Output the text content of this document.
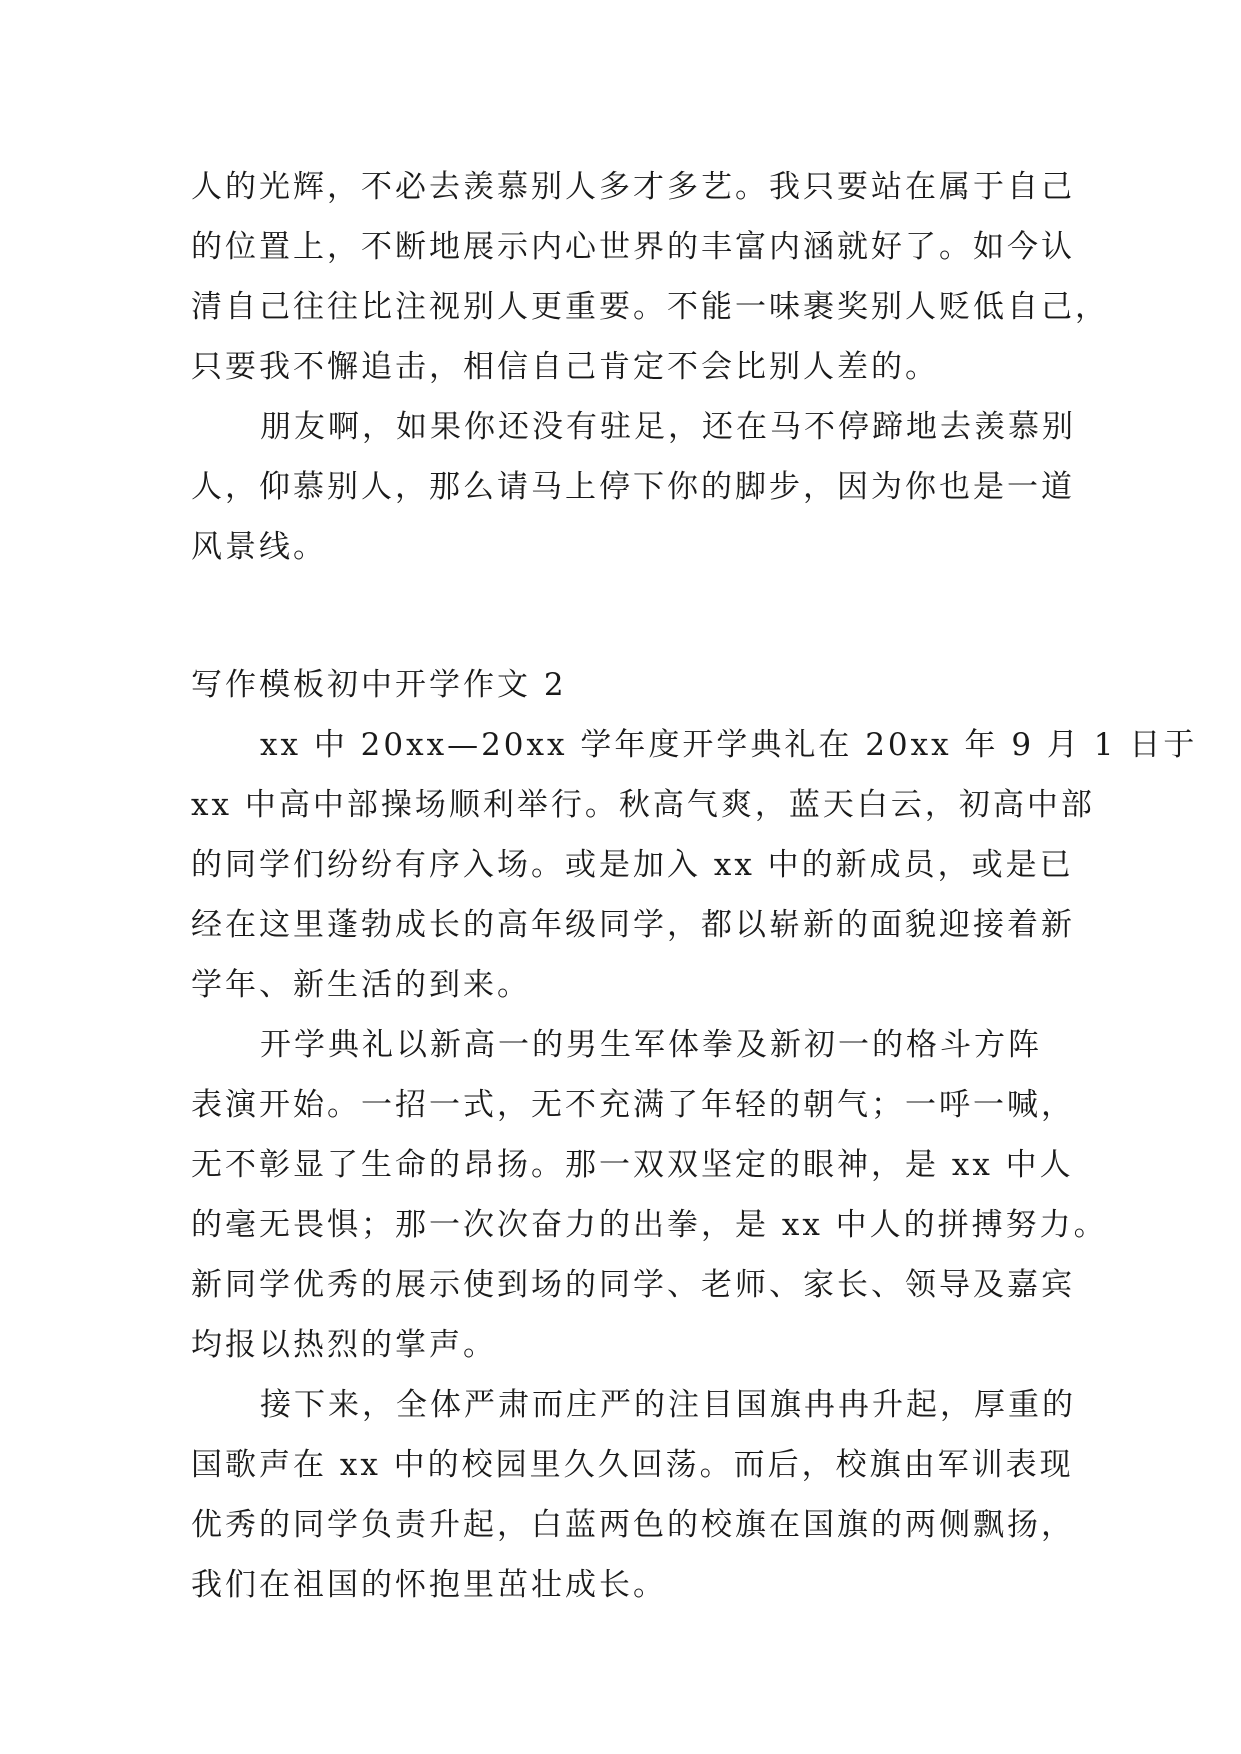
人的光辉，不必去羡慕别人多才多艺。我只要站在属于自己
的位置上，不断地展示内心世界的丰富内涵就好了。如今认
清自己往往比注视别人更重要。不能一味裹奖别人贬低自己，
只要我不懈追击，相信自己肯定不会比别人差的。
朋友啊，如果你还没有驻足，还在马不停蹄地去羡慕别
人，仰慕别人，那么请马上停下你的脚步，因为你也是一道
风景线。
写作模板初中开学作文 2
xx 中 20xx—20xx 学年度开学典礼在 20xx 年 9 月 1 日于
xx 中高中部操场顺利举行。秋高气爽，蓝天白云，初高中部
的同学们纷纷有序入场。或是加入 xx 中的新成员，或是已
经在这里蓬勃成长的高年级同学，都以崭新的面貌迎接着新
学年、新生活的到来。
开学典礼以新高一的男生军体拳及新初一的格斗方阵
表演开始。一招一式，无不充满了年轻的朝气；一呼一喊，
无不彰显了生命的昂扬。那一双双坚定的眼神，是 xx 中人
的毫无畏惧；那一次次奋力的出拳，是 xx 中人的拼搏努力。
新同学优秀的展示使到场的同学、老师、家长、领导及嘉宾
均报以热烈的掌声。
接下来，全体严肃而庄严的注目国旗冉冉升起，厚重的
国歌声在 xx 中的校园里久久回荡。而后，校旗由军训表现
优秀的同学负责升起，白蓝两色的校旗在国旗的两侧飘扬，
我们在祖国的怀抱里茁壮成长。
